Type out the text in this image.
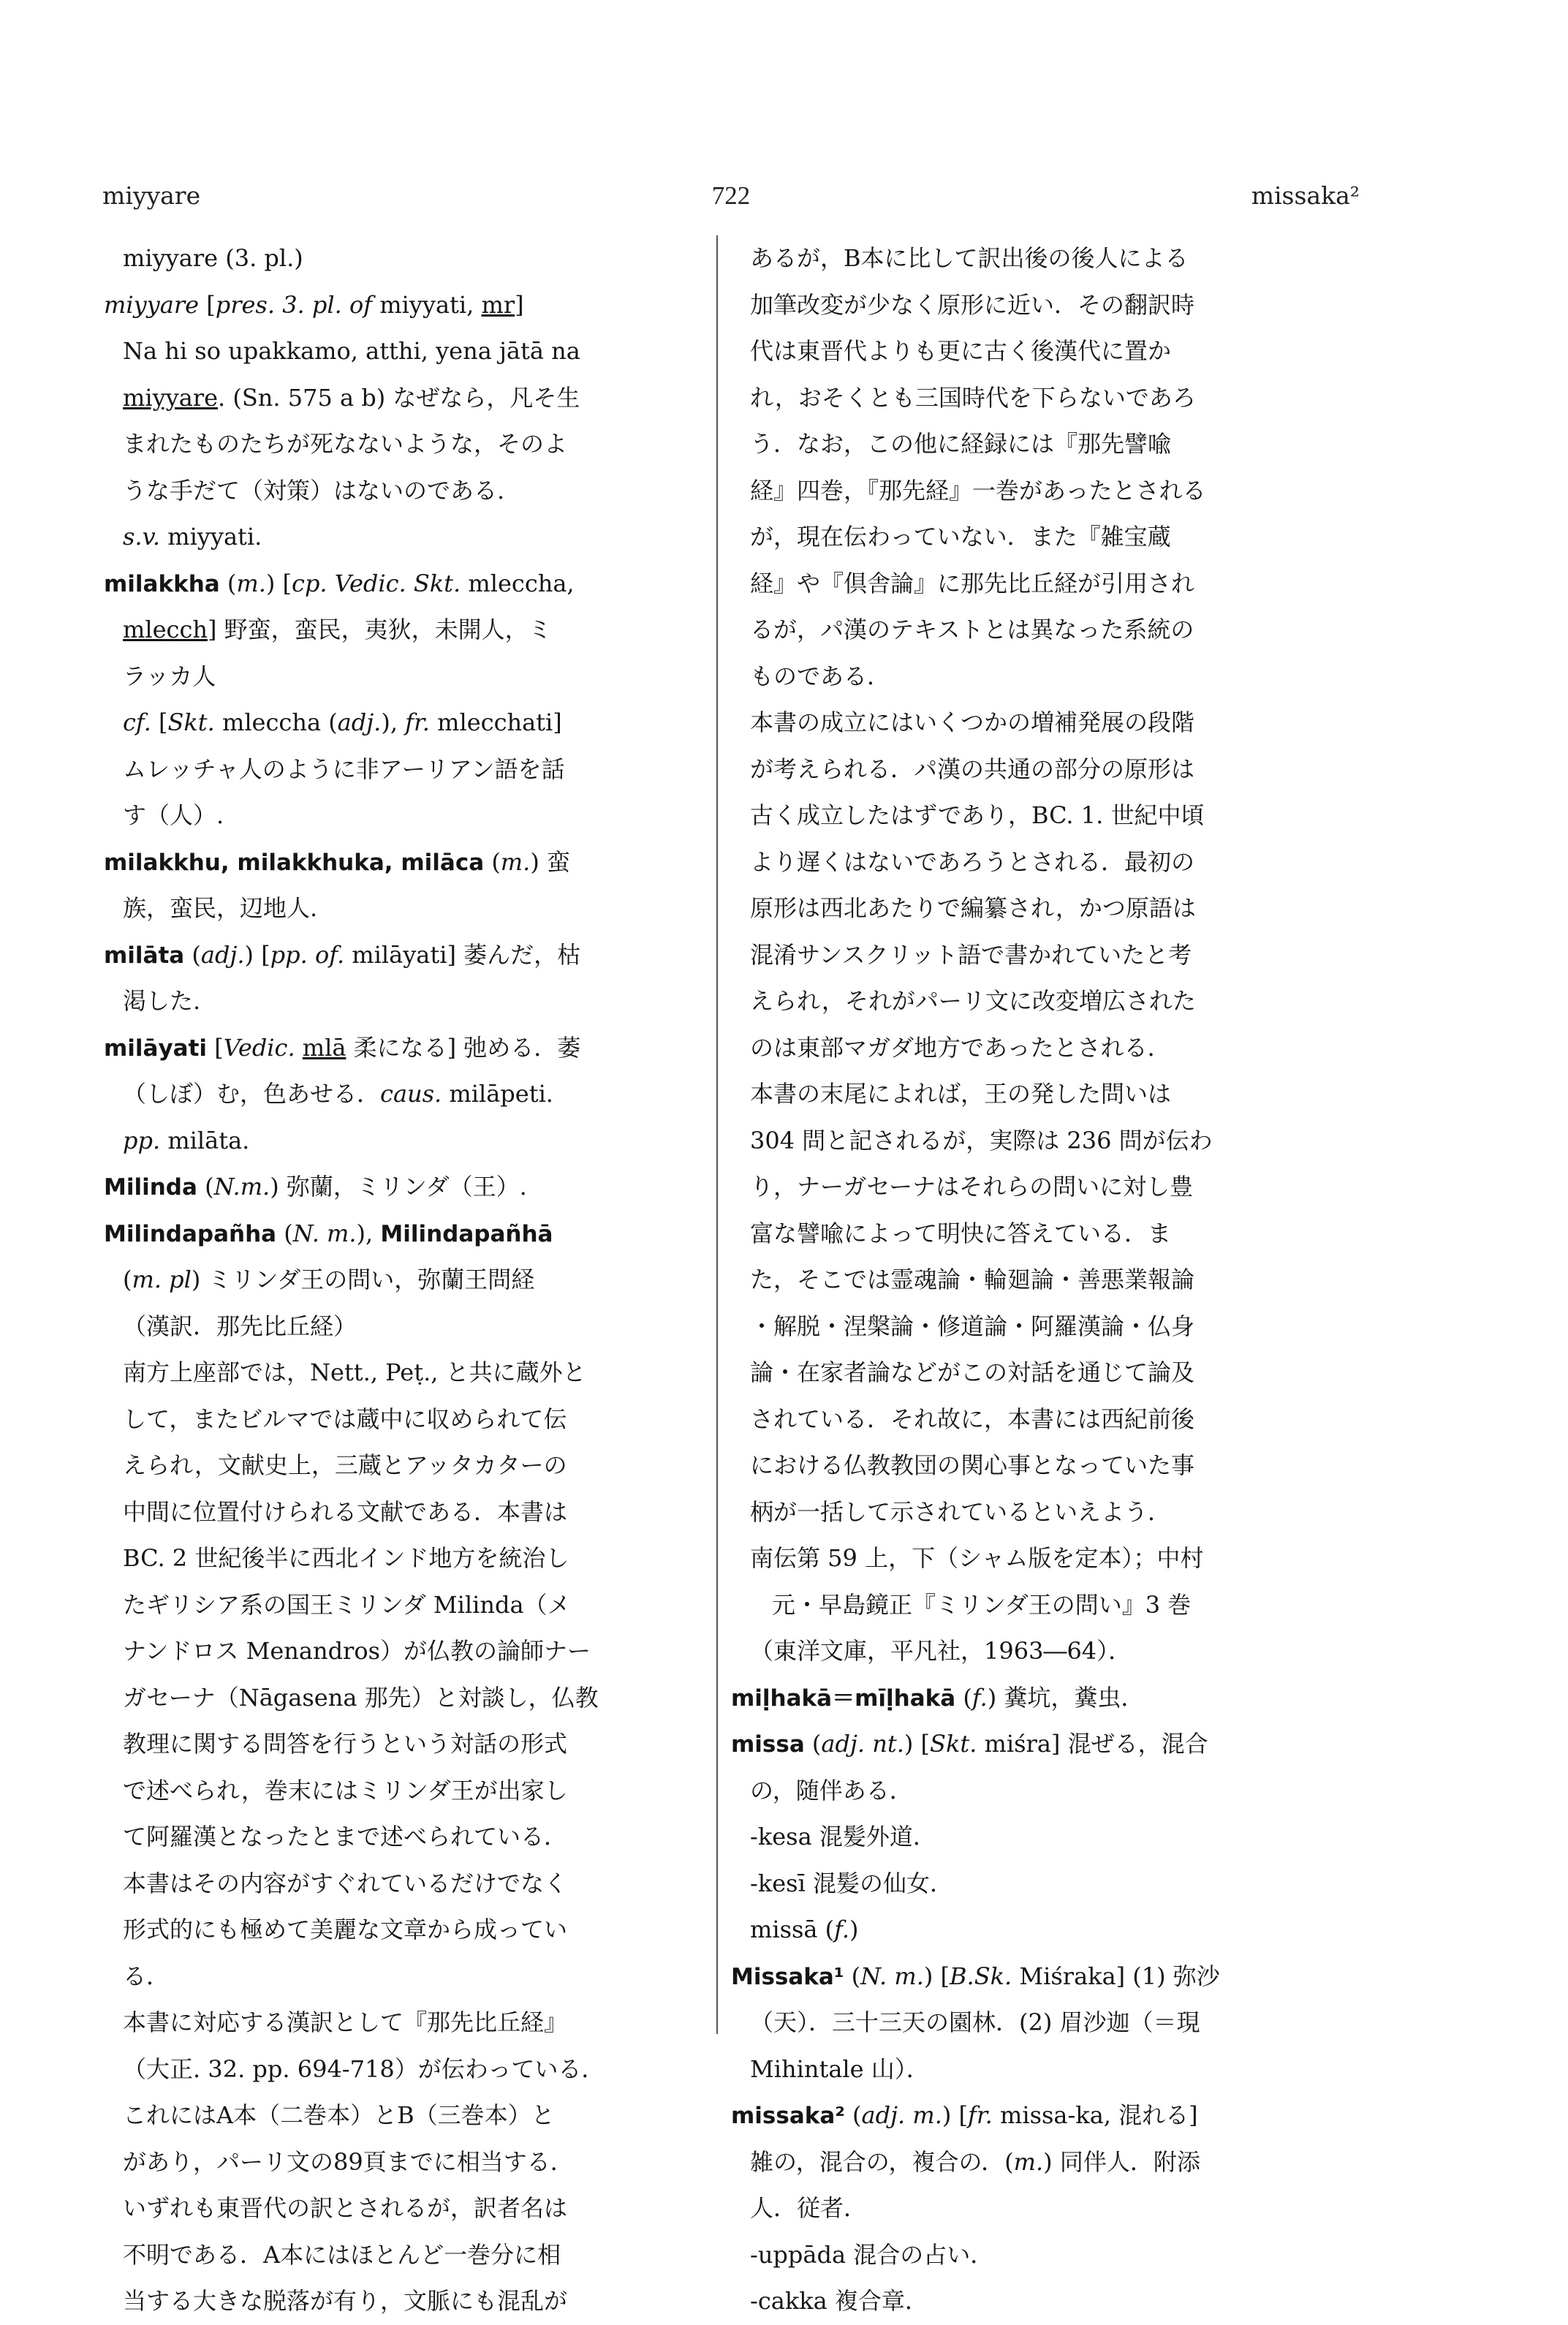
miyyare	722	missaka²
miyyare (3. pl.)
miyyare [pres. 3. pl. of miyyati, mr]
Na hi so upakkamo, atthi, yena jātā na
miyyare. (Sn. 575 a b) なぜなら，凡そ生
まれたものたちが死なないような，そのよ
うな手だて（対策）はないのである.
s.v. miyyati.
milakkha (m.) [cp. Vedic. Skt. mleccha,
mlecch] 野蛮，蛮民，夷狄，未開人，ミ
ラッカ人
cf. [Skt. mleccha (adj.), fr. mlecchati]
ムレッチャ人のように非アーリアン語を話
す（人）.
milakkhu, milakkhuka, milāca (m.) 蛮
族，蛮民，辺地人.
milāta (adj.) [pp. of. milāyati] 萎んだ，枯
渇した.
milāyati [Vedic. mlā 柔になる] 弛める．萎
（しぼ）む，色あせる．caus. milāpeti.
pp. milāta.
Milinda (N.m.) 弥蘭，ミリンダ（王）.
Milindapañha (N. m.), Milindapañhā
(m. pl) ミリンダ王の問い，弥蘭王問経
（漢訳．那先比丘経）
南方上座部では，Nett., Peṭ., と共に蔵外と
して，またビルマでは蔵中に収められて伝
えられ，文献史上，三蔵とアッタカターの
中間に位置付けられる文献である．本書は
BC. 2 世紀後半に西北インド地方を統治し
たギリシア系の国王ミリンダ Milinda（メ
ナンドロス Menandros）が仏教の論師ナー
ガセーナ（Nāgasena 那先）と対談し，仏教
教理に関する問答を行うという対話の形式
で述べられ，巻末にはミリンダ王が出家し
て阿羅漢となったとまで述べられている．
本書はその内容がすぐれているだけでなく
形式的にも極めて美麗な文章から成ってい
る．
本書に対応する漢訳として『那先比丘経』
（大正. 32. pp. 694-718）が伝わっている．
これにはA本（二巻本）とB（三巻本）と
があり，パーリ文の89頁までに相当する．
いずれも東晋代の訳とされるが，訳者名は
不明である．A本にはほとんど一巻分に相
当する大きな脱落が有り，文脈にも混乱が
あるが，B本に比して訳出後の後人による
加筆改変が少なく原形に近い．その翻訳時
代は東晋代よりも更に古く後漢代に置か
れ，おそくとも三国時代を下らないであろ
う．なお，この他に経録には『那先譬喩
経』四巻，『那先経』一巻があったとされる
が，現在伝わっていない．また『雑宝蔵
経』や『倶舎論』に那先比丘経が引用され
るが，パ漢のテキストとは異なった系統の
ものである．
本書の成立にはいくつかの増補発展の段階
が考えられる．パ漢の共通の部分の原形は
古く成立したはずであり，BC. 1. 世紀中頃
より遅くはないであろうとされる．最初の
原形は西北あたりで編纂され，かつ原語は
混淆サンスクリット語で書かれていたと考
えられ，それがパーリ文に改変増広された
のは東部マガダ地方であったとされる．
本書の末尾によれば，王の発した問いは
304 問と記されるが，実際は 236 問が伝わ
り，ナーガセーナはそれらの問いに対し豊
富な譬喩によって明快に答えている．ま
た，そこでは霊魂論・輪廻論・善悪業報論
・解脱・涅槃論・修道論・阿羅漢論・仏身
論・在家者論などがこの対話を通じて論及
されている．それ故に，本書には西紀前後
における仏教教団の関心事となっていた事
柄が一括して示されているといえよう．
南伝第 59 上，下（シャム版を定本）；中村
元・早島鏡正『ミリンダ王の問い』3 巻
（東洋文庫，平凡社，1963―64）．
miḷhakā＝mīḷhakā (f.) 糞坑，糞虫．
missa (adj. nt.) [Skt. miśra] 混ぜる，混合
の，随伴ある．
-kesa 混髪外道．
-kesī 混髪の仙女．
missā (f.)
Missaka¹ (N. m.) [B.Sk. Miśraka] (1) 弥沙
（天）．三十三天の園林．(2) 眉沙迦（＝現
Mihintale 山）．
missaka² (adj. m.) [fr. missa-ka, 混れる]
雑の，混合の，複合の．(m.) 同伴人．附添
人．従者．
-uppāda 混合の占い．
-cakka 複合章．
